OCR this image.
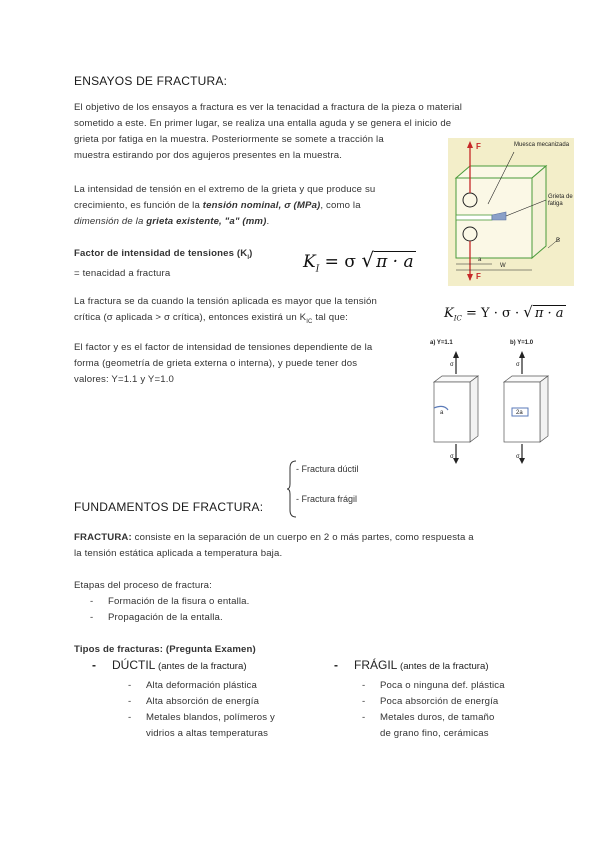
ENSAYOS DE FRACTURA:
El objetivo de los ensayos a fractura es ver la tenacidad a fractura de la pieza o material
sometido a este. En primer lugar, se realiza una entalla aguda y se genera el inicio de
grieta por fatiga en la muestra. Posteriormente se somete a tracción la
muestra estirando por dos agujeros presentes en la muestra.
La intensidad de tensión en el extremo de la grieta y que produce su
crecimiento, es función de la tensión nominal, σ (MPa), como la
dimensión de la grieta existente, "a" (mm).
Factor de intensidad de tensiones $(K_I)$
= tenacidad a fractura
$K_I = \sigma$ √ π · a
La fractura se da cuando la tensión aplicada es mayor que la tensión
crítica (σ aplicada > σ crítica), entonces existirá un $K_{IC}$ tal que:	$K_{IC} = Y \cdot \sigma$ · √ π · a
El factor y es el factor de intensidad de tensiones dependiente de la
forma (geometría de grieta externa o interna), y puede tener dos
valores: Y=1.1 y Y=1.0
F
F
Muesca mecanizada
Grieta de fatiga
a
W
B
a) Y=1.1	b) Y=1.0
σ	σ
σ	σ
a	2a
- Fractura dúctil
- Fractura frágil
FUNDAMENTOS DE FRACTURA:
FRACTURA: consiste en la separación de un cuerpo en 2 o más partes, como respuesta a
la tensión estática aplicada a temperatura baja.
Etapas del proceso de fractura:
- Formación de la fisura o entalla.
- Propagación de la entalla.
Tipos de fracturas: (Pregunta Examen)
- DÚCTIL (antes de la fractura)
- Alta deformación plástica
- Alta absorción de energía
- Metales blandos, polímeros y
vidrios a altas temperaturas
- FRÁGIL (antes de la fractura)
- Poca o ninguna def. plástica
- Poca absorción de energía
- Metales duros, de tamaño
de grano fino, cerámicas
